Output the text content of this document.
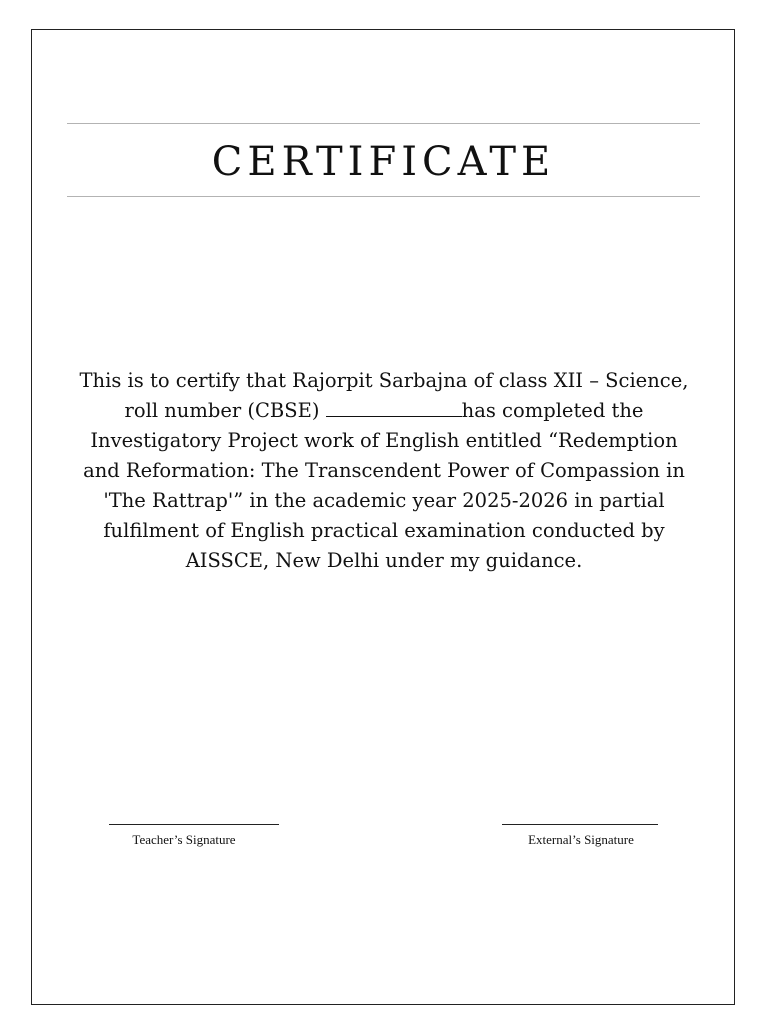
CERTIFICATE
This is to certify that Rajorpit Sarbajna of class XII – Science, roll number (CBSE)	has completed the Investigatory Project work of English entitled “Redemption and Reformation: The Transcendent Power of Compassion in 'The Rattrap'” in the academic year 2025-2026 in partial fulfilment of English practical examination conducted by AISSCE, New Delhi under my guidance.
Teacher’s Signature	External’s Signature
